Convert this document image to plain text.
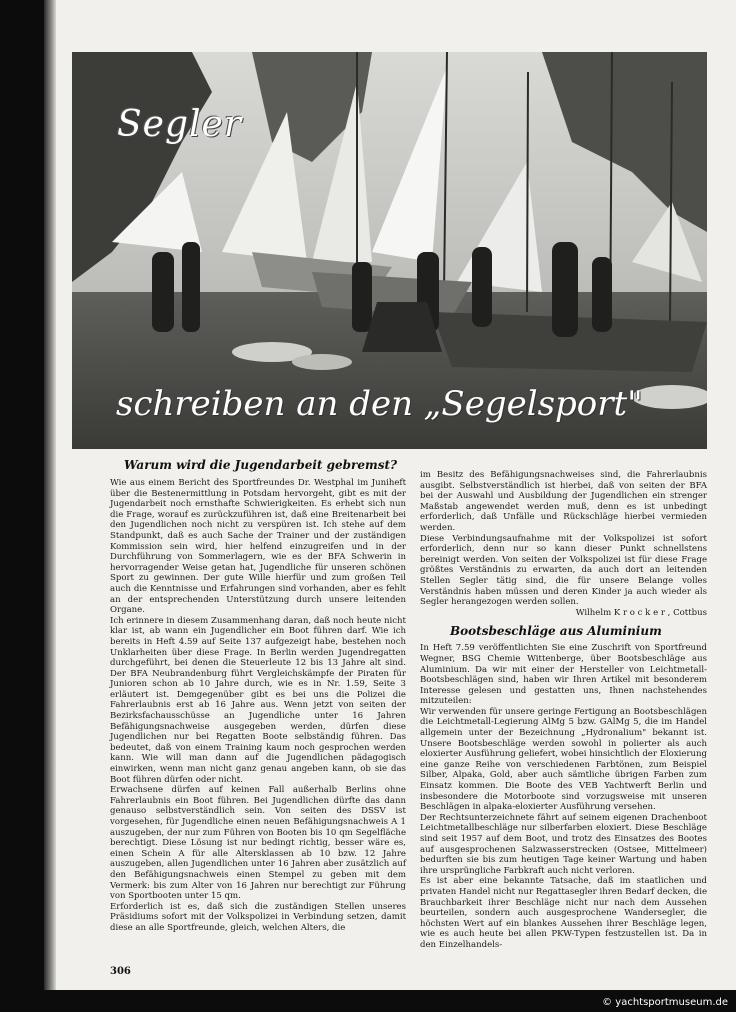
Segler
schreiben an den „Segelsport"
Warum wird die Jugendarbeit gebremst?

Wie aus einem Bericht des Sportfreundes Dr. Westphal im Juniheft über die Bestenermittlung in Potsdam hervorgeht, gibt es mit der Jugendarbeit noch ernsthafte Schwierigkeiten. Es erhebt sich nun die Frage, worauf es zurückzuführen ist, daß eine Breitenarbeit bei den Jugendlichen noch nicht zu verspüren ist. Ich stehe auf dem Standpunkt, daß es auch Sache der Trainer und der zuständigen Kommission sein wird, hier helfend einzugreifen und in der Durchführung von Sommerlagern, wie es der BFA Schwerin in hervorragender Weise getan hat, Jugendliche für unseren schönen Sport zu gewinnen. Der gute Wille hierfür und zum großen Teil auch die Kenntnisse und Erfahrungen sind vorhanden, aber es fehlt an der entsprechenden Unterstützung durch unsere leitenden Organe.

Ich erinnere in diesem Zusammenhang daran, daß noch heute nicht klar ist, ab wann ein Jugendlicher ein Boot führen darf. Wie ich bereits in Heft 4.59 auf Seite 137 aufgezeigt habe, bestehen noch Unklarheiten über diese Frage. In Berlin werden Jugendregatten durchgeführt, bei denen die Steuerleute 12 bis 13 Jahre alt sind. Der BFA Neubrandenburg führt Vergleichskämpfe der Piraten für Junioren schon ab 10 Jahre durch, wie es in Nr. 1.59, Seite 3 erläutert ist. Demgegenüber gibt es bei uns die Polizei die Fahrerlaubnis erst ab 16 Jahre aus. Wenn jetzt von seiten der Bezirksfachausschüsse an Jugendliche unter 16 Jahren Befähigungsnachweise ausgegeben werden, dürfen diese Jugendlichen nur bei Regatten Boote selbständig führen. Das bedeutet, daß von einem Training kaum noch gesprochen werden kann. Wie will man dann auf die Jugendlichen pädagogisch einwirken, wenn man nicht ganz genau angeben kann, ob sie das Boot führen dürfen oder nicht.

Erwachsene dürfen auf keinen Fall außerhalb Berlins ohne Fahrerlaubnis ein Boot führen. Bei Jugendlichen dürfte das dann genauso selbstverständlich sein. Von seiten des DSSV ist vorgesehen, für Jugendliche einen neuen Befähigungsnachweis A 1 auszugeben, der nur zum Führen von Booten bis 10 qm Segelfläche berechtigt. Diese Lösung ist nur bedingt richtig, besser wäre es, einen Schein A für alle Altersklassen ab 10 bzw. 12 Jahre auszugeben, allen Jugendlichen unter 16 Jahren aber zusätzlich auf den Befähigungsnachweis einen Stempel zu geben mit dem Vermerk: bis zum Alter von 16 Jahren nur berechtigt zur Führung von Sportbooten unter 15 qm.

Erforderlich ist es, daß sich die zuständigen Stellen unseres Präsidiums sofort mit der Volkspolizei in Verbindung setzen, damit diese an alle Sportfreunde, gleich, welchen Alters, die

im Besitz des Befähigungsnachweises sind, die Fahrerlaubnis ausgibt. Selbstverständlich ist hierbei, daß von seiten der BFA bei der Auswahl und Ausbildung der Jugendlichen ein strenger Maßstab angewendet werden muß, denn es ist unbedingt erforderlich, daß Unfälle und Rückschläge hierbei vermieden werden.

Diese Verbindungsaufnahme mit der Volkspolizei ist sofort erforderlich, denn nur so kann dieser Punkt schnellstens bereinigt werden. Von seiten der Volkspolizei ist für diese Frage größtes Verständnis zu erwarten, da auch dort an leitenden Stellen Segler tätig sind, die für unsere Belange volles Verständnis haben müssen und deren Kinder ja auch wieder als Segler herangezogen werden sollen.

Wilhelm K r o c k e r , Cottbus

Bootsbeschläge aus Aluminium

In Heft 7.59 veröffentlichten Sie eine Zuschrift von Sportfreund Wegner, BSG Chemie Wittenberge, über Bootsbeschläge aus Aluminium. Da wir mit einer der Hersteller von Leichtmetall-Bootsbeschlägen sind, haben wir Ihren Artikel mit besonderem Interesse gelesen und gestatten uns, Ihnen nachstehendes mitzuteilen:

Wir verwenden für unsere geringe Fertigung an Bootsbeschlägen die Leichtmetall-Legierung AlMg 5 bzw. GAlMg 5, die im Handel allgemein unter der Bezeichnung „Hydronalium" bekannt ist. Unsere Bootsbeschläge werden sowohl in polierter als auch eloxierter Ausführung geliefert, wobei hinsichtlich der Eloxierung eine ganze Reihe von verschiedenen Farbtönen, zum Beispiel Silber, Alpaka, Gold, aber auch sämtliche übrigen Farben zum Einsatz kommen. Die Boote des VEB Yachtwerft Berlin und insbesondere die Motorboote sind vorzugsweise mit unseren Beschlägen in alpaka-eloxierter Ausführung versehen.

Der Rechtsunterzeichnete fährt auf seinem eigenen Drachenboot Leichtmetallbeschläge nur silberfarben eloxiert. Diese Beschläge sind seit 1957 auf dem Boot, und trotz des Einsatzes des Bootes auf ausgesprochenen Salzwasserstrecken (Ostsee, Mittelmeer) bedurften sie bis zum heutigen Tage keiner Wartung und haben ihre ursprüngliche Farbkraft auch nicht verloren.

Es ist aber eine bekannte Tatsache, daß im staatlichen und privaten Handel nicht nur Regattasegler ihren Bedarf decken, die Brauchbarkeit ihrer Beschläge nicht nur nach dem Aussehen beurteilen, sondern auch ausgesprochene Wandersegler, die höchsten Wert auf ein blankes Aussehen ihrer Beschläge legen, wie es auch heute bei allen PKW-Typen festzustellen ist. Da in den Einzelhandels-

306
© yachtsportmuseum.de
